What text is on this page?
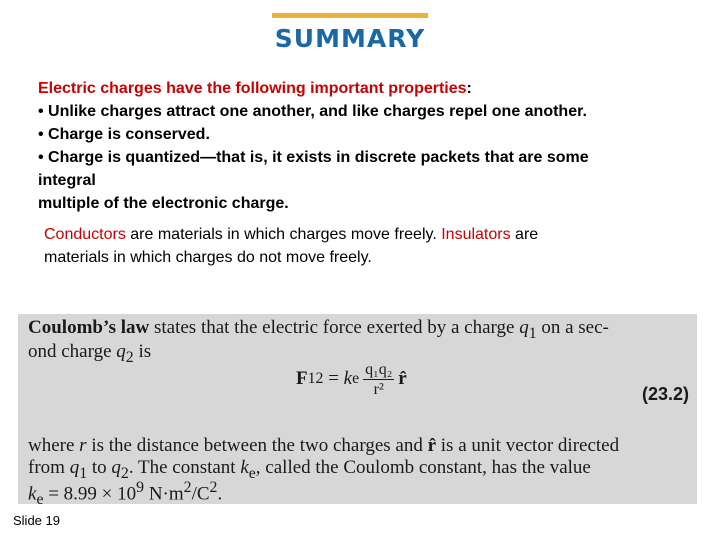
SUMMARY
Electric charges have the following important properties:
• Unlike charges attract one another, and like charges repel one another.
• Charge is conserved.
• Charge is quantized—that is, it exists in discrete packets that are some
integral
multiple of the electronic charge.
Conductors are materials in which charges move freely. Insulators are
materials in which charges do not move freely.
Coulomb’s law states that the electric force exerted by a charge $q_1$ on a sec-
ond charge $q_2$ is
F 12 = k e $\frac{\text{q₁q₂}}{\text{r²}}$ r̂
(23.2)
where r is the distance between the two charges and r̂ is a unit vector directed
from $q_1$ to $q_2$. The constant $k_e$, called the Coulomb constant, has the value
$k_e = 8.99 \times 10^9$ $N\cdot m^2/C^2$.
Slide 19
